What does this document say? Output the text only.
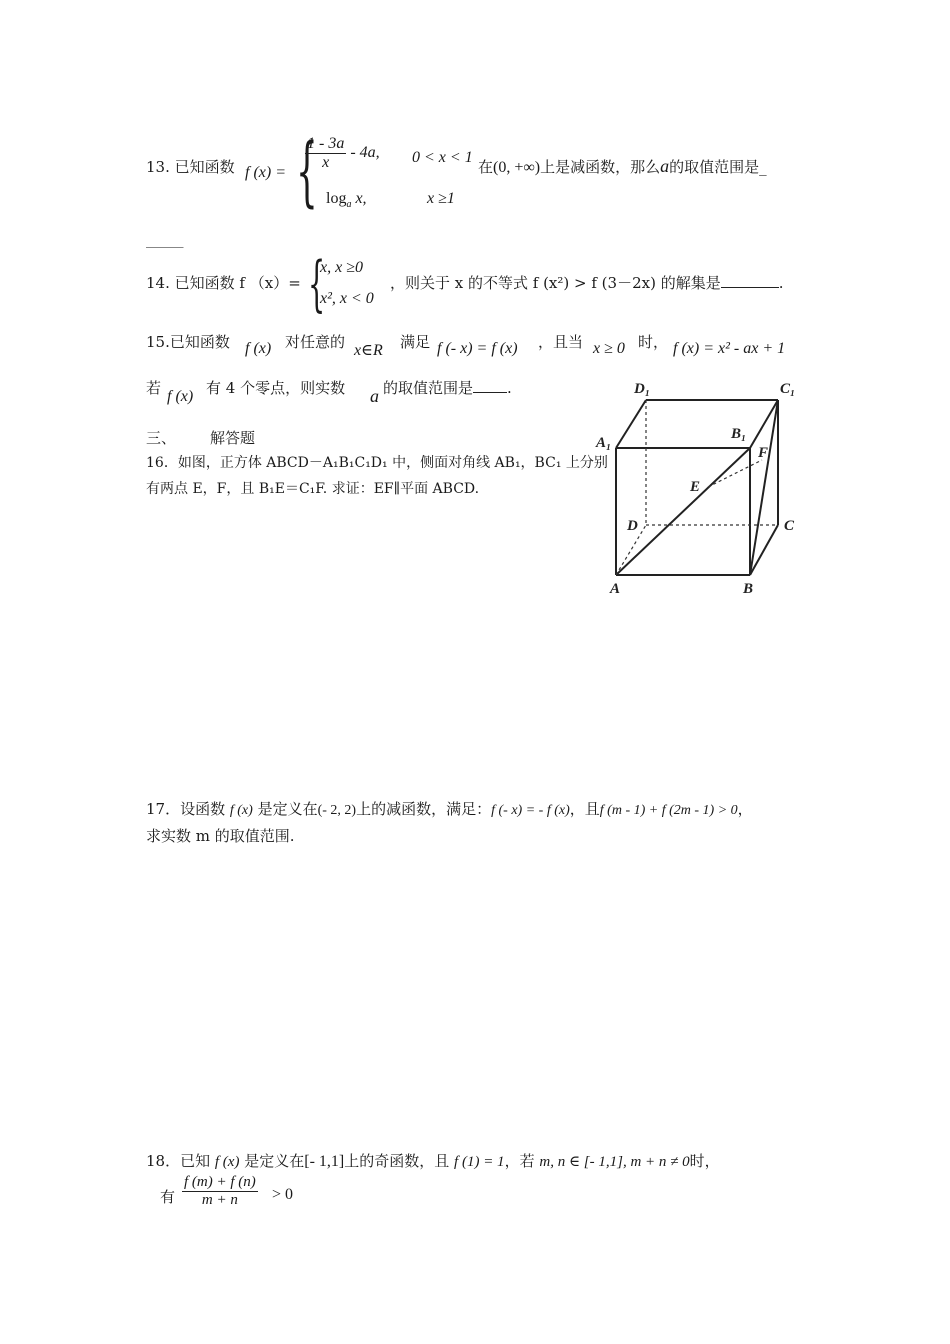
13. 已知函数 f (x) = {
$\frac{1 - 3a}{x} - 4a$, 0 < x < 1
$\log_a x$,	x ≥1
在(0, +∞)上是减函数，那么a的取值范围是_
_____
14. 已知函数 f （x）= {
x, x ≥0
x², x < 0
，则关于 x 的不等式 f (x²) > f (3－2x) 的解集是	.
15.已知函数 f (x) 对任意的 x∈R 满足 f (- x) = f (x) ，且当 x ≥ 0 时， f (x) = x² - ax + 1
若 f (x) 有 4 个零点，则实数 a 的取值范围是 .
三、 解答题
16．如图，正方体 ABCD－A₁B₁C₁D₁ 中，侧面对角线 AB₁，BC₁ 上分别
有两点 E，F，且 B₁E＝C₁F. 求证：EF∥平面 ABCD.
D₁	C₁
A₁
B₁
F
E
D	C
A	B
17．设函数 f (x) 是定义在(- 2, 2)上的减函数，满足：f (- x) = - f (x)，且f (m - 1) + f (2m - 1) > 0，
求实数 m 的取值范围.
18．已知 f (x) 是定义在[- 1,1]上的奇函数，且 f (1) = 1，若 m, n ∈ [- 1,1], m + n ≠ 0时，
有 $\frac{f (m) + f (n)}{m + n} > 0$
